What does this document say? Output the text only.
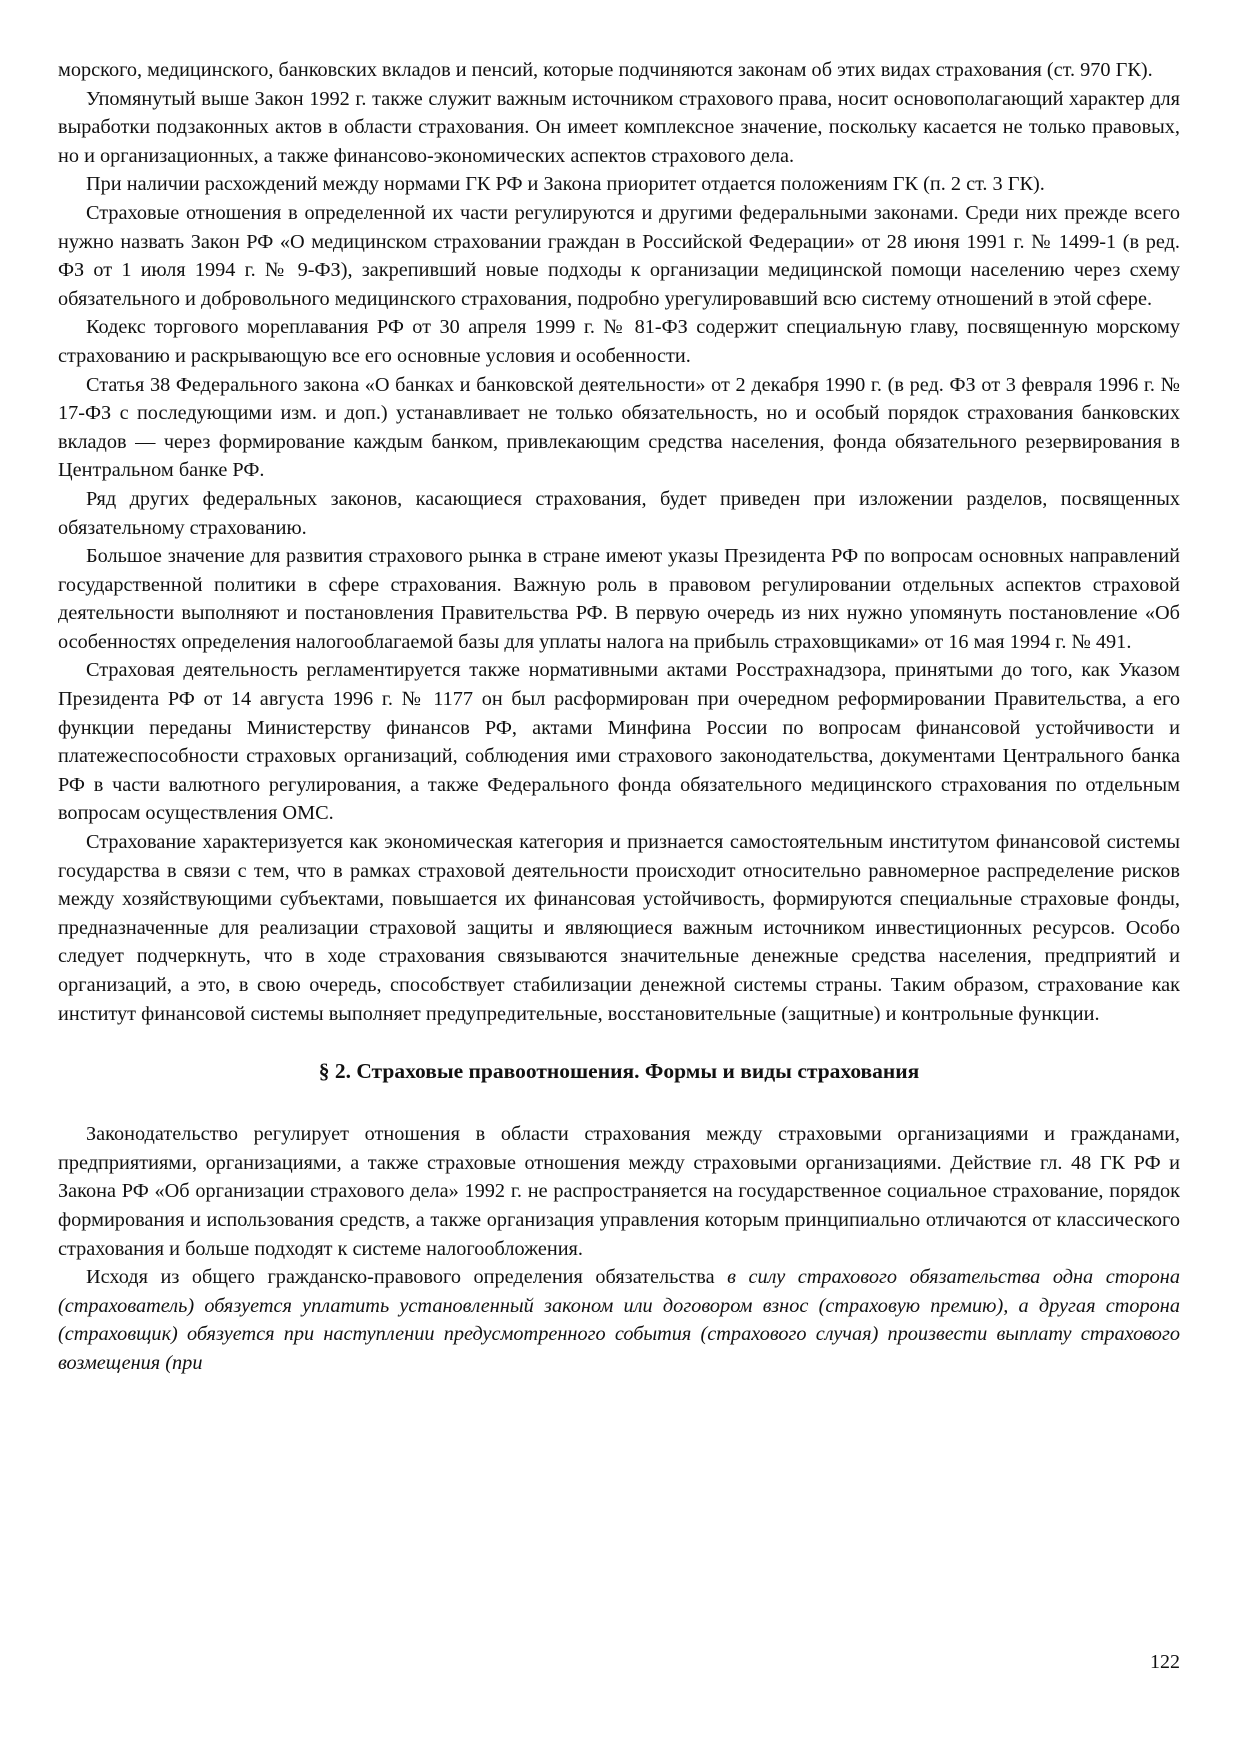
морского, медицинского, банковских вкладов и пенсий, которые подчиняются законам об этих видах страхования (ст. 970 ГК).

Упомянутый выше Закон 1992 г. также служит важным источником страхового права, носит основополагающий характер для выработки подзаконных актов в области страхования. Он имеет комплексное значение, поскольку касается не только правовых, но и организационных, а также финансово-экономических аспектов страхового дела.

При наличии расхождений между нормами ГК РФ и Закона приоритет отдается положениям ГК (п. 2 ст. 3 ГК).

Страховые отношения в определенной их части регулируются и другими федеральными законами. Среди них прежде всего нужно назвать Закон РФ «О медицинском страховании граждан в Российской Федерации» от 28 июня 1991 г. № 1499-1 (в ред. ФЗ от 1 июля 1994 г. № 9-ФЗ), закрепивший новые подходы к организации медицинской помощи населению через схему обязательного и добровольного медицинского страхования, подробно урегулировавший всю систему отношений в этой сфере.

Кодекс торгового мореплавания РФ от 30 апреля 1999 г. № 81-ФЗ содержит специальную главу, посвященную морскому страхованию и раскрывающую все его основные условия и особенности.

Статья 38 Федерального закона «О банках и банковской деятельности» от 2 декабря 1990 г. (в ред. ФЗ от 3 февраля 1996 г. № 17-ФЗ с последующими изм. и доп.) устанавливает не только обязательность, но и особый порядок страхования банковских вкладов — через формирование каждым банком, привлекающим средства населения, фонда обязательного резервирования в Центральном банке РФ.

Ряд других федеральных законов, касающиеся страхования, будет приведен при изложении разделов, посвященных обязательному страхованию.

Большое значение для развития страхового рынка в стране имеют указы Президента РФ по вопросам основных направлений государственной политики в сфере страхования. Важную роль в правовом регулировании отдельных аспектов страховой деятельности выполняют и постановления Правительства РФ. В первую очередь из них нужно упомянуть постановление «Об особенностях определения налогооблагаемой базы для уплаты налога на прибыль страховщиками» от 16 мая 1994 г. № 491.

Страховая деятельность регламентируется также нормативными актами Росстрахнадзора, принятыми до того, как Указом Президента РФ от 14 августа 1996 г. № 1177 он был расформирован при очередном реформировании Правительства, а его функции переданы Министерству финансов РФ, актами Минфина России по вопросам финансовой устойчивости и платежеспособности страховых организаций, соблюдения ими страхового законодательства, документами Центрального банка РФ в части валютного регулирования, а также Федерального фонда обязательного медицинского страхования по отдельным вопросам осуществления ОМС.

Страхование характеризуется как экономическая категория и признается самостоятельным институтом финансовой системы государства в связи с тем, что в рамках страховой деятельности происходит относительно равномерное распределение рисков между хозяйствующими субъектами, повышается их финансовая устойчивость, формируются специальные страховые фонды, предназначенные для реализации страховой защиты и являющиеся важным источником инвестиционных ресурсов. Особо следует подчеркнуть, что в ходе страхования связываются значительные денежные средства населения, предприятий и организаций, а это, в свою очередь, способствует стабилизации денежной системы страны. Таким образом, страхование как институт финансовой системы выполняет предупредительные, восстановительные (защитные) и контрольные функции.

§ 2. Страховые правоотношения. Формы и виды страхования

Законодательство регулирует отношения в области страхования между страховыми организациями и гражданами, предприятиями, организациями, а также страховые отношения между страховыми организациями. Действие гл. 48 ГК РФ и Закона РФ «Об организации страхового дела» 1992 г. не распространяется на государственное социальное страхование, порядок формирования и использования средств, а также организация управления которым принципиально отличаются от классического страхования и больше подходят к системе налогообложения.

Исходя из общего гражданско-правового определения обязательства в силу страхового обязательства одна сторона (страхователь) обязуется уплатить установленный законом или договором взнос (страховую премию), а другая сторона (страховщик) обязуется при наступлении предусмотренного события (страхового случая) произвести выплату страхового возмещения (при

122
